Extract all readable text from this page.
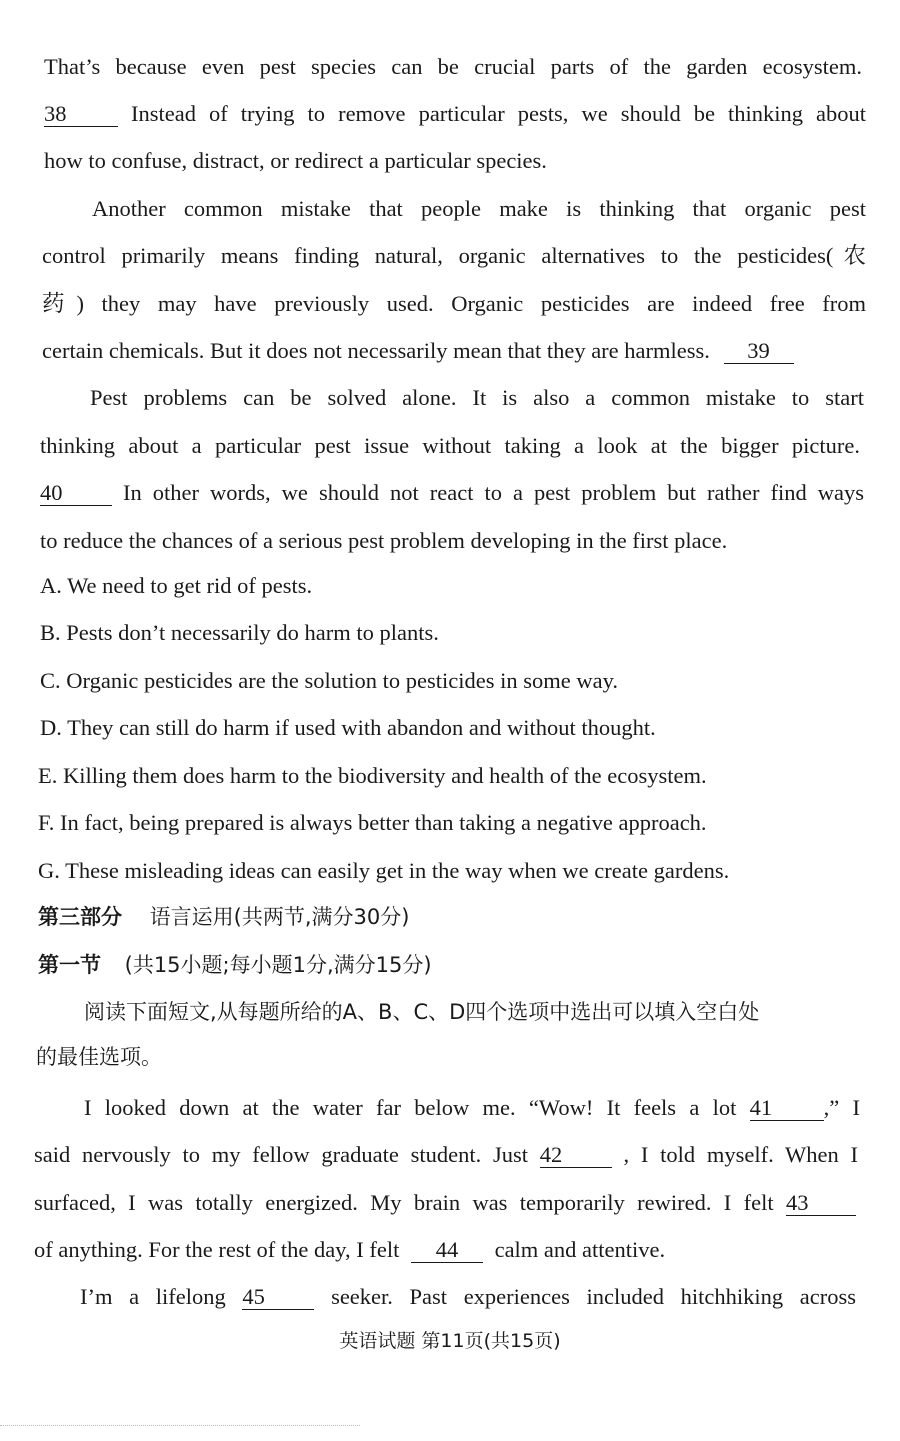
That’s because even pest species can be crucial parts of the garden ecosystem.
38	Instead of trying to remove particular pests, we should be thinking about
how to confuse, distract, or redirect a particular species.
Another common mistake that people make is thinking that organic pest
control primarily means finding natural, organic alternatives to the pesticides(农
药) they may have previously used. Organic pesticides are indeed free from
certain chemicals. But it does not necessarily mean that they are harmless. 39
Pest problems can be solved alone. It is also a common mistake to start
thinking about a particular pest issue without taking a look at the bigger picture.
40	In other words, we should not react to a pest problem but rather find ways
to reduce the chances of a serious pest problem developing in the first place.
A. We need to get rid of pests.
B. Pests don’t necessarily do harm to plants.
C. Organic pesticides are the solution to pesticides in some way.
D. They can still do harm if used with abandon and without thought.
E. Killing them does harm to the biodiversity and health of the ecosystem.
F. In fact, being prepared is always better than taking a negative approach.
G. These misleading ideas can easily get in the way when we create gardens.
第三部分 语言运用(共两节,满分30分)
第一节 (共15小题;每小题1分,满分15分)
阅读下面短文,从每题所给的A、B、C、D四个选项中选出可以填入空白处
的最佳选项。
I looked down at the water far below me. “Wow! It feels a lot 41 ,” I
said nervously to my fellow graduate student. Just 42	, I told myself. When I
surfaced, I was totally energized. My brain was temporarily rewired. I felt 43
of anything. For the rest of the day, I felt 44 calm and attentive.
I’m a lifelong 45	seeker. Past experiences included hitchhiking across
英语试题 第11页(共15页)
